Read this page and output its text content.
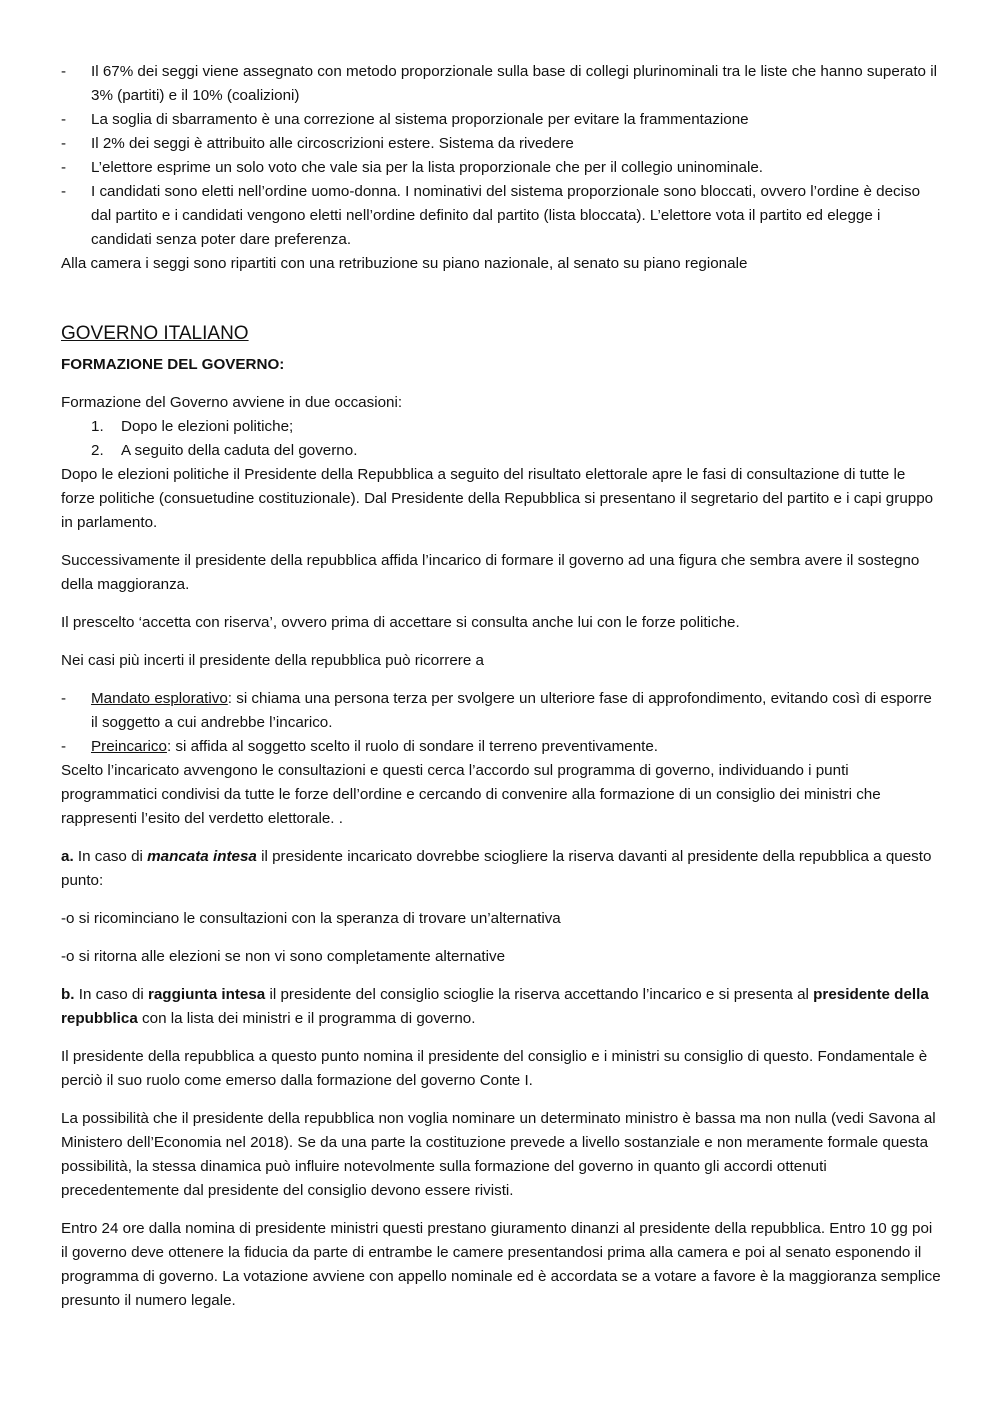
- Il 67% dei seggi viene assegnato con metodo proporzionale sulla base di collegi plurinominali tra le liste che hanno superato il 3% (partiti) e il 10% (coalizioni)
- La soglia di sbarramento è una correzione al sistema proporzionale per evitare la frammentazione
- Il 2% dei seggi è attribuito alle circoscrizioni estere. Sistema da rivedere
- L’elettore esprime un solo voto che vale sia per la lista proporzionale che per il collegio uninominale.
- I candidati sono eletti nell’ordine uomo-donna. I nominativi del sistema proporzionale sono bloccati, ovvero l’ordine è deciso dal partito e i candidati vengono eletti nell’ordine definito dal partito (lista bloccata). L’elettore vota il partito ed elegge i candidati senza poter dare preferenza.

Alla camera i seggi sono ripartiti con una retribuzione su piano nazionale, al senato su piano regionale

GOVERNO ITALIANO

FORMAZIONE DEL GOVERNO:

Formazione del Governo avviene in due occasioni:

1. Dopo le elezioni politiche;
2. A seguito della caduta del governo.

Dopo le elezioni politiche il Presidente della Repubblica a seguito del risultato elettorale apre le fasi di consultazione di tutte le forze politiche (consuetudine costituzionale). Dal Presidente della Repubblica si presentano il segretario del partito e i capi gruppo in parlamento.

Successivamente il presidente della repubblica affida l’incarico di formare il governo ad una figura che sembra avere il sostegno della maggioranza.

Il prescelto ‘accetta con riserva’, ovvero prima di accettare si consulta anche lui con le forze politiche.

Nei casi più incerti il presidente della repubblica può ricorrere a

- Mandato esplorativo: si chiama una persona terza per svolgere un ulteriore fase di approfondimento, evitando così di esporre il soggetto a cui andrebbe l’incarico.
- Preincarico: si affida al soggetto scelto il ruolo di sondare il terreno preventivamente.

Scelto l’incaricato avvengono le consultazioni e questi cerca l’accordo sul programma di governo, individuando i punti programmatici condivisi da tutte le forze dell’ordine e cercando di convenire alla formazione di un consiglio dei ministri che rappresenti l’esito del verdetto elettorale. .

a. In caso di mancata intesa il presidente incaricato dovrebbe sciogliere la riserva davanti al presidente della repubblica a questo punto:

-o si ricominciano le consultazioni con la speranza di trovare un’alternativa

-o si ritorna alle elezioni se non vi sono completamente alternative

b. In caso di raggiunta intesa il presidente del consiglio scioglie la riserva accettando l’incarico e si presenta al presidente della repubblica con la lista dei ministri e il programma di governo.

Il presidente della repubblica a questo punto nomina il presidente del consiglio e i ministri su consiglio di questo. Fondamentale è perciò il suo ruolo come emerso dalla formazione del governo Conte I.

La possibilità che il presidente della repubblica non voglia nominare un determinato ministro è bassa ma non nulla (vedi Savona al Ministero dell’Economia nel 2018). Se da una parte la costituzione prevede a livello sostanziale e non meramente formale questa possibilità, la stessa dinamica può influire notevolmente sulla formazione del governo in quanto gli accordi ottenuti precedentemente dal presidente del consiglio devono essere rivisti.

Entro 24 ore dalla nomina di presidente ministri questi prestano giuramento dinanzi al presidente della repubblica. Entro 10 gg poi il governo deve ottenere la fiducia da parte di entrambe le camere presentandosi prima alla camera e poi al senato esponendo il programma di governo. La votazione avviene con appello nominale ed è accordata se a votare a favore è la maggioranza semplice presunto il numero legale.
